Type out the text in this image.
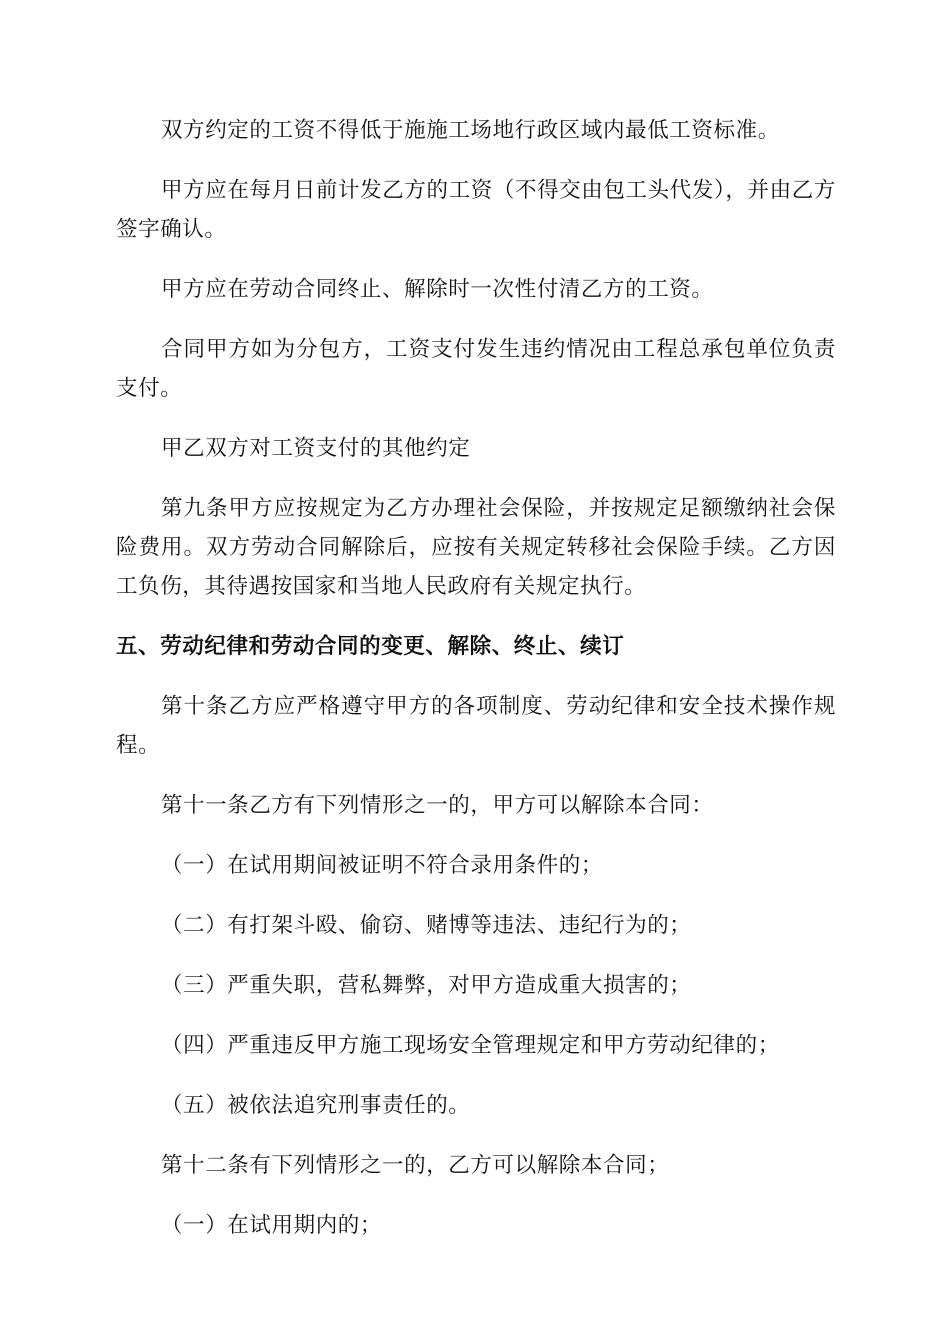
双方约定的工资不得低于施施工场地行政区域内最低工资标准。

甲方应在每月日前计发乙方的工资（不得交由包工头代发），并由乙方签字确认。

甲方应在劳动合同终止、解除时一次性付清乙方的工资。

合同甲方如为分包方，工资支付发生违约情况由工程总承包单位负责支付。

甲乙双方对工资支付的其他约定

第九条甲方应按规定为乙方办理社会保险，并按规定足额缴纳社会保险费用。双方劳动合同解除后，应按有关规定转移社会保险手续。乙方因工负伤，其待遇按国家和当地人民政府有关规定执行。

五、劳动纪律和劳动合同的变更、解除、终止、续订

第十条乙方应严格遵守甲方的各项制度、劳动纪律和安全技术操作规程。

第十一条乙方有下列情形之一的，甲方可以解除本合同：

（一）在试用期间被证明不符合录用条件的；

（二）有打架斗殴、偷窃、赌博等违法、违纪行为的；

（三）严重失职，营私舞弊，对甲方造成重大损害的；

（四）严重违反甲方施工现场安全管理规定和甲方劳动纪律的；

（五）被依法追究刑事责任的。

第十二条有下列情形之一的，乙方可以解除本合同；

（一）在试用期内的；
